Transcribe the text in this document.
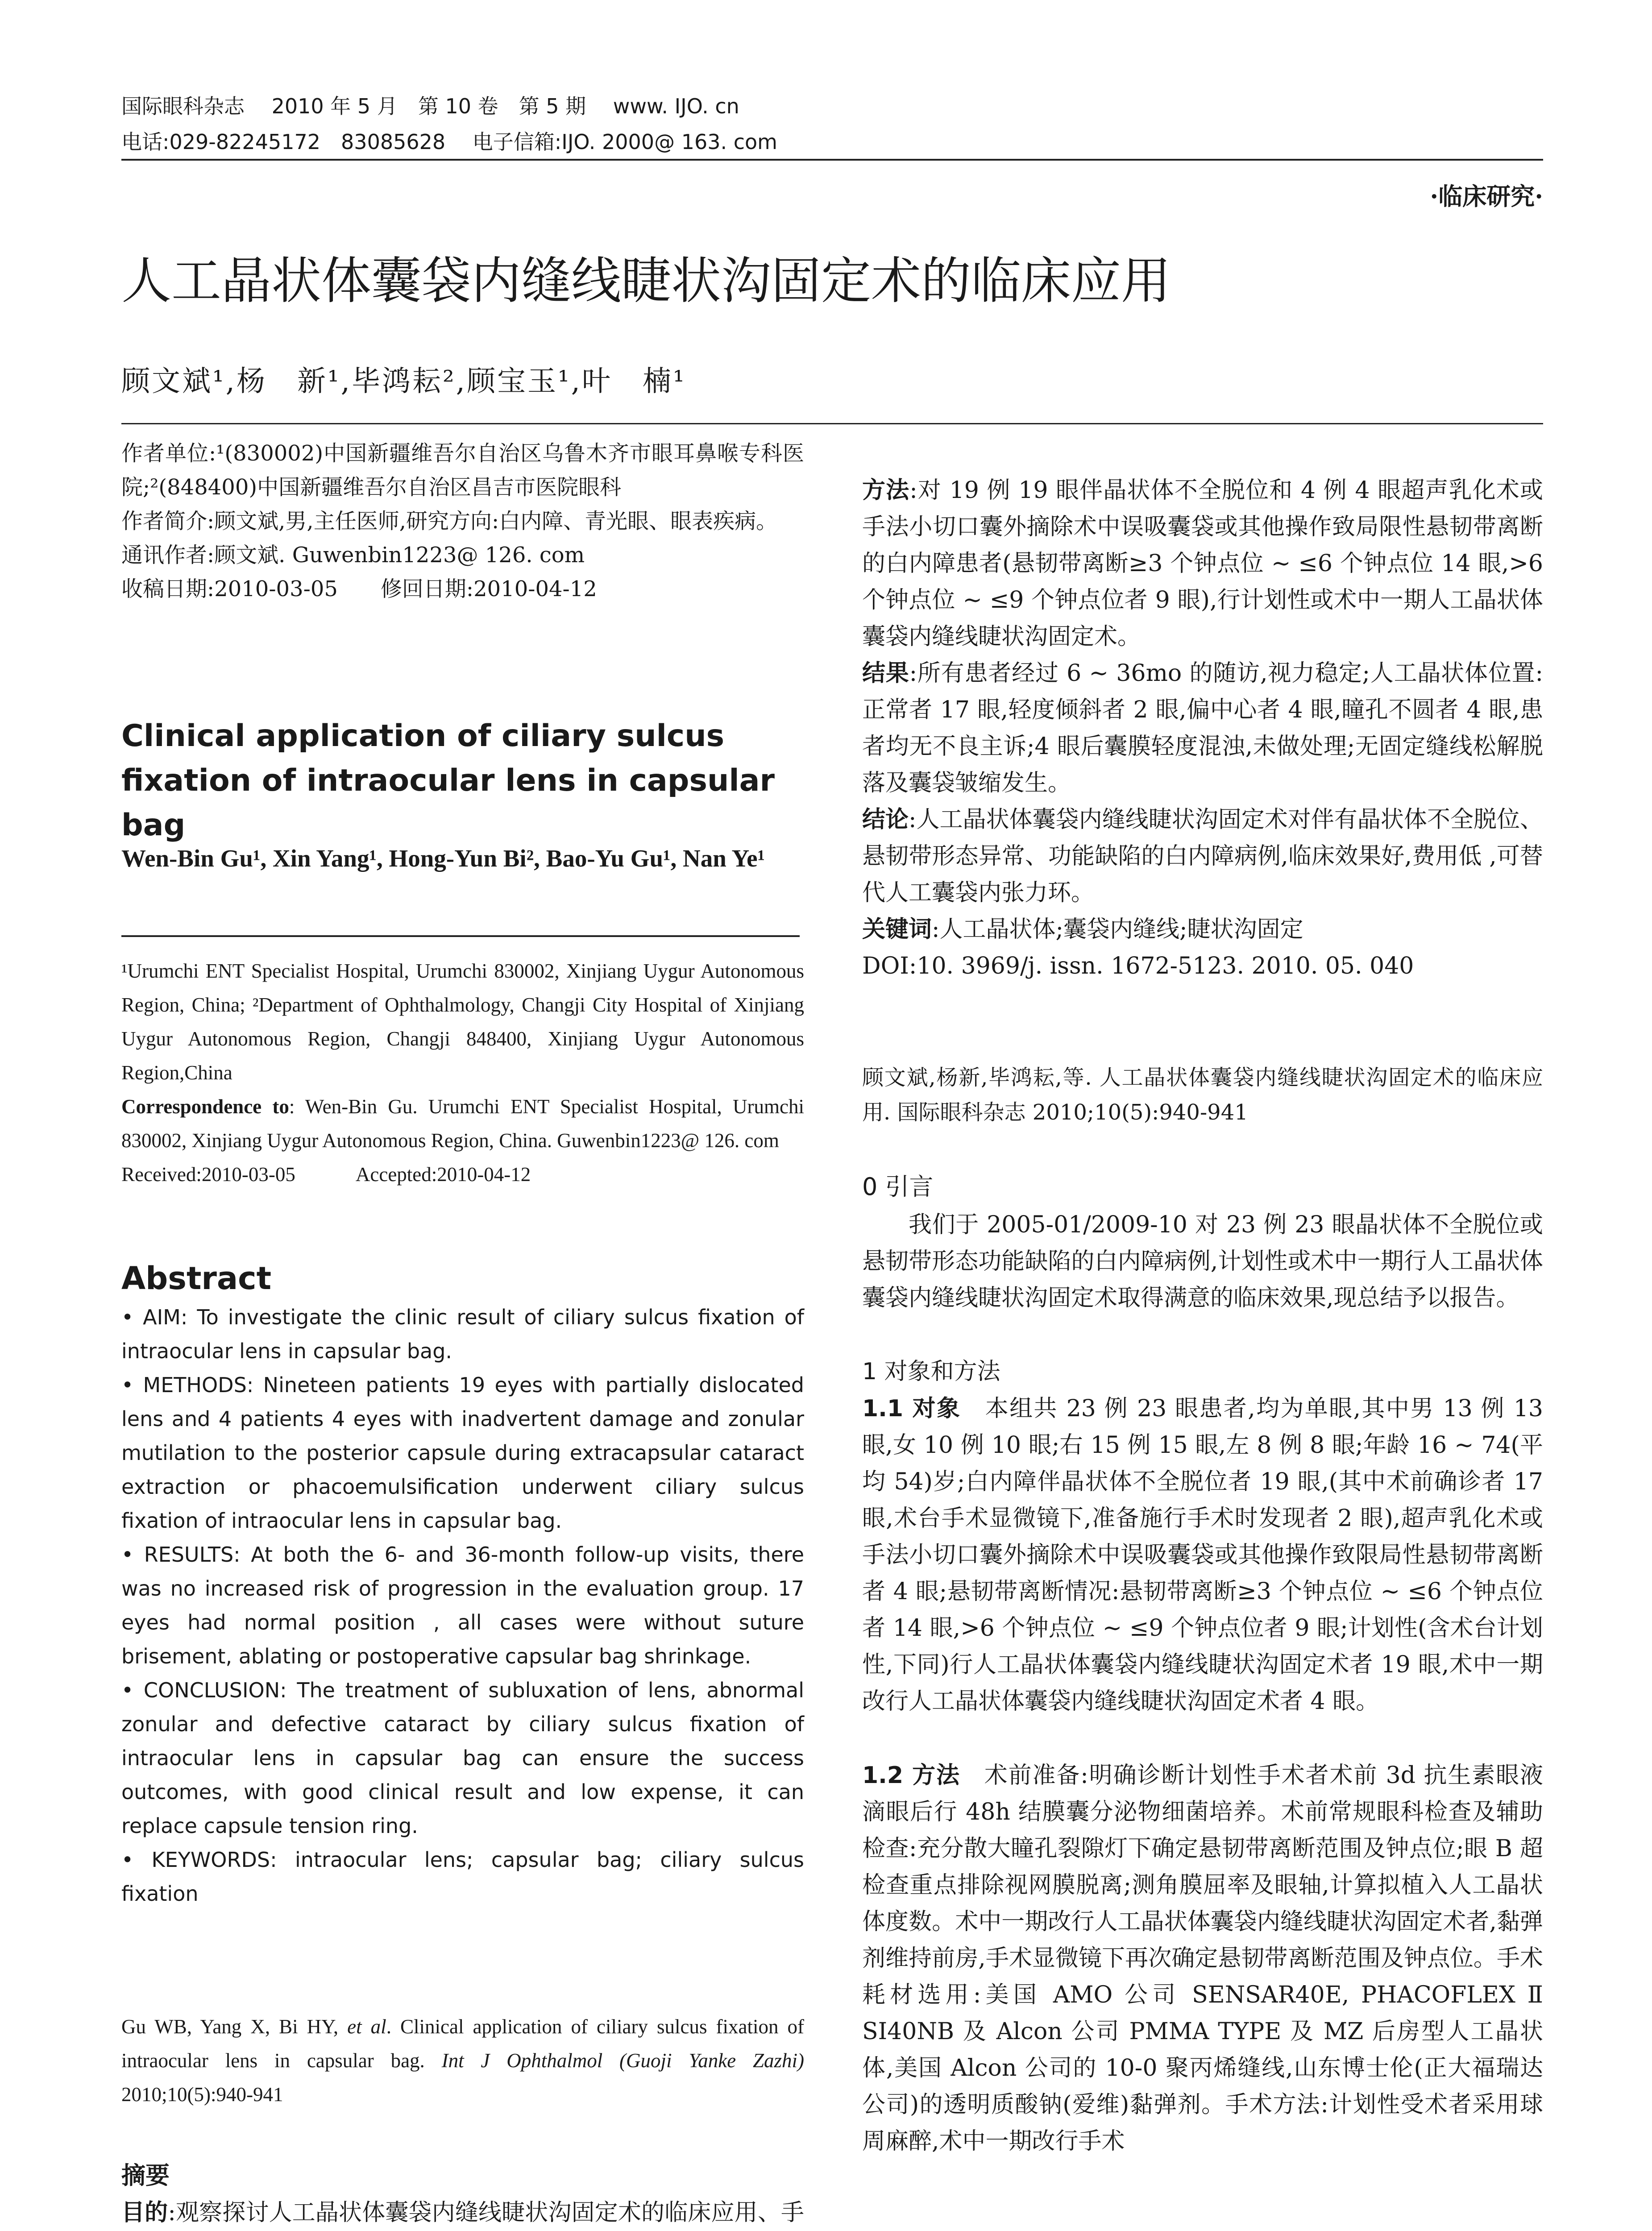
国际眼科杂志　 2010 年 5 月　第 10 卷　第 5 期　 www. IJO. cn
电话:029-82245172　83085628　 电子信箱:IJO. 2000@ 163. com
·临床研究·
人工晶状体囊袋内缝线睫状沟固定术的临床应用
顾文斌¹,杨　新¹,毕鸿耘²,顾宝玉¹,叶　楠¹

作者单位:¹(830002)中国新疆维吾尔自治区乌鲁木齐市眼耳鼻喉专科医院;²(848400)中国新疆维吾尔自治区昌吉市医院眼科

作者简介:顾文斌,男,主任医师,研究方向:白内障、青光眼、眼表疾病。

通讯作者:顾文斌. Guwenbin1223@ 126. com

收稿日期:2010-03-05　　修回日期:2010-04-12

Clinical application of ciliary sulcus fixation of intraocular lens in capsular bag
Wen-Bin Gu¹, Xin Yang¹, Hong-Yun Bi², Bao-Yu Gu¹, Nan Ye¹

¹Urumchi ENT Specialist Hospital, Urumchi 830002, Xinjiang Uygur Autonomous Region, China; ²Department of Ophthalmology, Changji City Hospital of Xinjiang Uygur Autonomous Region, Changji 848400, Xinjiang Uygur Autonomous Region,China

Correspondence to: Wen-Bin Gu. Urumchi ENT Specialist Hospital, Urumchi 830002, Xinjiang Uygur Autonomous Region, China. Guwenbin1223@ 126. com

Received:2010-03-05　　　Accepted:2010-04-12

Abstract

• AIM: To investigate the clinic result of ciliary sulcus fixation of intraocular lens in capsular bag.

• METHODS: Nineteen patients 19 eyes with partially dislocated lens and 4 patients 4 eyes with inadvertent damage and zonular mutilation to the posterior capsule during extracapsular cataract extraction or phacoemulsification underwent ciliary sulcus fixation of intraocular lens in capsular bag.

• RESULTS: At both the 6- and 36-month follow-up visits, there was no increased risk of progression in the evaluation group. 17 eyes had normal position , all cases were without suture brisement, ablating or postoperative capsular bag shrinkage.

• CONCLUSION: The treatment of subluxation of lens, abnormal zonular and defective cataract by ciliary sulcus fixation of intraocular lens in capsular bag can ensure the success outcomes, with good clinical result and low expense, it can replace capsule tension ring.

• KEYWORDS: intraocular lens; capsular bag; ciliary sulcus fixation

Gu WB, Yang X, Bi HY, et al. Clinical application of ciliary sulcus fixation of intraocular lens in capsular bag. Int J Ophthalmol (Guoji Yanke Zazhi) 2010;10(5):940-941
摘要
目的:观察探讨人工晶状体囊袋内缝线睫状沟固定术的临床应用、手

方法:对 19 例 19 眼伴晶状体不全脱位和 4 例 4 眼超声乳化术或手法小切口囊外摘除术中误吸囊袋或其他操作致局限性悬韧带离断的白内障患者(悬韧带离断≥3 个钟点位 ~ ≤6 个钟点位 14 眼,>6 个钟点位 ~ ≤9 个钟点位者 9 眼),行计划性或术中一期人工晶状体囊袋内缝线睫状沟固定术。

结果:所有患者经过 6 ~ 36mo 的随访,视力稳定;人工晶状体位置:正常者 17 眼,轻度倾斜者 2 眼,偏中心者 4 眼,瞳孔不圆者 4 眼,患者均无不良主诉;4 眼后囊膜轻度混浊,未做处理;无固定缝线松解脱落及囊袋皱缩发生。

结论:人工晶状体囊袋内缝线睫状沟固定术对伴有晶状体不全脱位、悬韧带形态异常、功能缺陷的白内障病例,临床效果好,费用低 ,可替代人工囊袋内张力环。

关键词:人工晶状体;囊袋内缝线;睫状沟固定

DOI:10. 3969/j. issn. 1672-5123. 2010. 05. 040

顾文斌,杨新,毕鸿耘,等. 人工晶状体囊袋内缝线睫状沟固定术的临床应用. 国际眼科杂志 2010;10(5):940-941
0 引言
我们于 2005-01/2009-10 对 23 例 23 眼晶状体不全脱位或悬韧带形态功能缺陷的白内障病例,计划性或术中一期行人工晶状体囊袋内缝线睫状沟固定术取得满意的临床效果,现总结予以报告。
1 对象和方法
1.1 对象　本组共 23 例 23 眼患者,均为单眼,其中男 13 例 13 眼,女 10 例 10 眼;右 15 例 15 眼,左 8 例 8 眼;年龄 16 ~ 74(平均 54)岁;白内障伴晶状体不全脱位者 19 眼,(其中术前确诊者 17 眼,术台手术显微镜下,准备施行手术时发现者 2 眼),超声乳化术或手法小切口囊外摘除术中误吸囊袋或其他操作致限局性悬韧带离断者 4 眼;悬韧带离断情况:悬韧带离断≥3 个钟点位 ~ ≤6 个钟点位者 14 眼,>6 个钟点位 ~ ≤9 个钟点位者 9 眼;计划性(含术台计划性,下同)行人工晶状体囊袋内缝线睫状沟固定术者 19 眼,术中一期改行人工晶状体囊袋内缝线睫状沟固定术者 4 眼。
1.2 方法　术前准备:明确诊断计划性手术者术前 3d 抗生素眼液滴眼后行 48h 结膜囊分泌物细菌培养。术前常规眼科检查及辅助检查:充分散大瞳孔裂隙灯下确定悬韧带离断范围及钟点位;眼 B 超检查重点排除视网膜脱离;测角膜屈率及眼轴,计算拟植入人工晶状体度数。术中一期改行人工晶状体囊袋内缝线睫状沟固定术者,黏弹剂维持前房,手术显微镜下再次确定悬韧带离断范围及钟点位。手术耗材选用:美国 AMO 公司 SENSAR40E, PHACOFLEX Ⅱ SI40NB 及 Alcon 公司 PMMA TYPE 及 MZ 后房型人工晶状体,美国 Alcon 公司的 10-0 聚丙烯缝线,山东博士伦(正大福瑞达公司)的透明质酸钠(爱维)黏弹剂。手术方法:计划性受术者采用球周麻醉,术中一期改行手术
